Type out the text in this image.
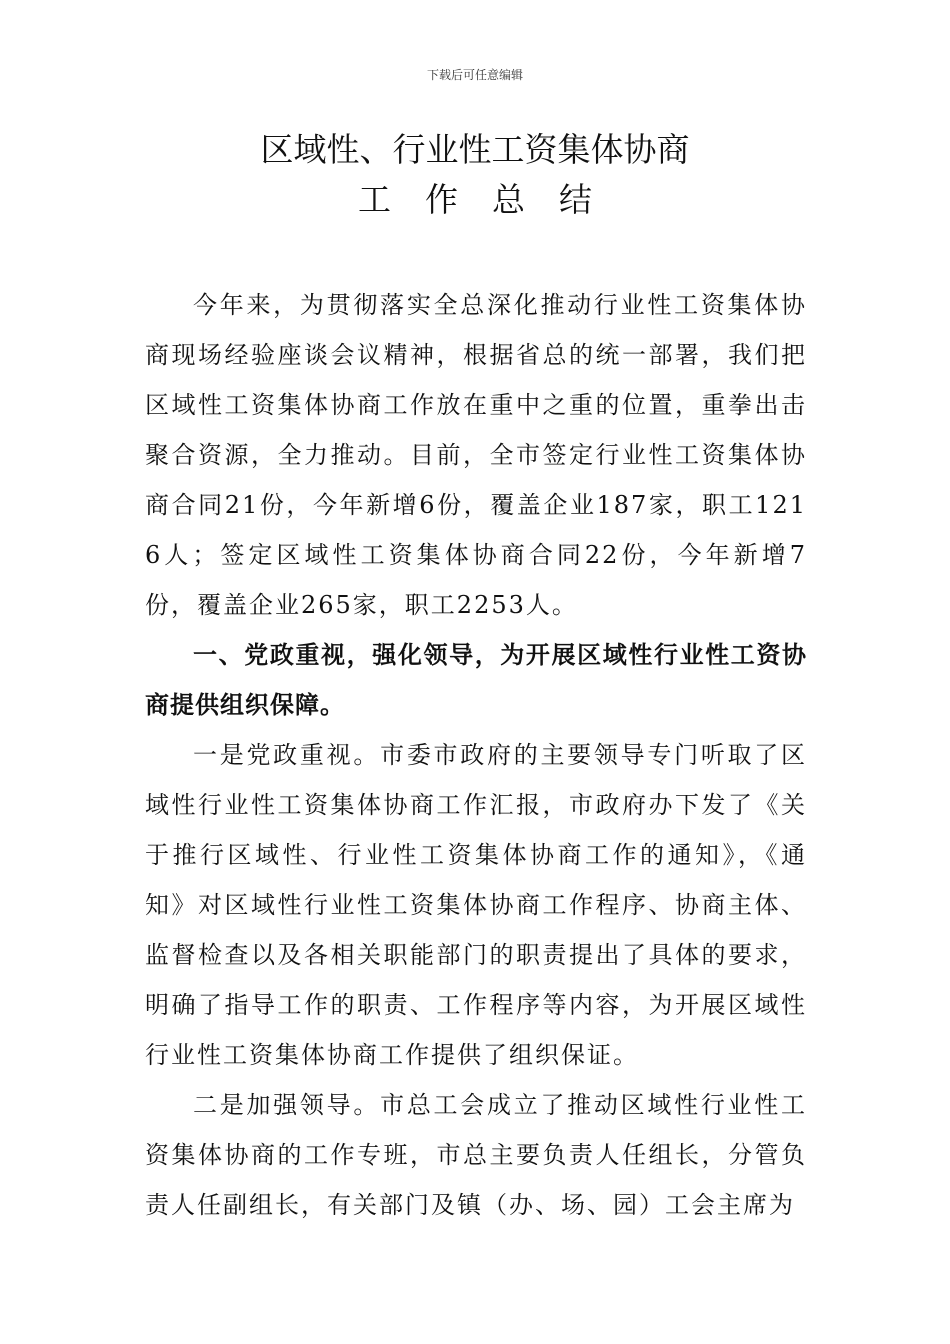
下载后可任意编辑
区域性、行业性工资集体协商
工作总结

今年来，为贯彻落实全总深化推动行业性工资集体协商现场经验座谈会议精神，根据省总的统一部署，我们把区域性工资集体协商工作放在重中之重的位置，重拳出击聚合资源，全力推动。目前，全市签定行业性工资集体协商合同21份，今年新增6份，覆盖企业187家，职工1216人；签定区域性工资集体协商合同22份，今年新增7份，覆盖企业265家，职工2253人。

一、党政重视，强化领导，为开展区域性行业性工资协商提供组织保障。

一是党政重视。市委市政府的主要领导专门听取了区域性行业性工资集体协商工作汇报，市政府办下发了《关于推行区域性、行业性工资集体协商工作的通知》，《通知》对区域性行业性工资集体协商工作程序、协商主体、监督检查以及各相关职能部门的职责提出了具体的要求，明确了指导工作的职责、工作程序等内容，为开展区域性行业性工资集体协商工作提供了组织保证。

二是加强领导。市总工会成立了推动区域性行业性工资集体协商的工作专班，市总主要负责人任组长，分管负责人任副组长，有关部门及镇（办、场、园）工会主席为
